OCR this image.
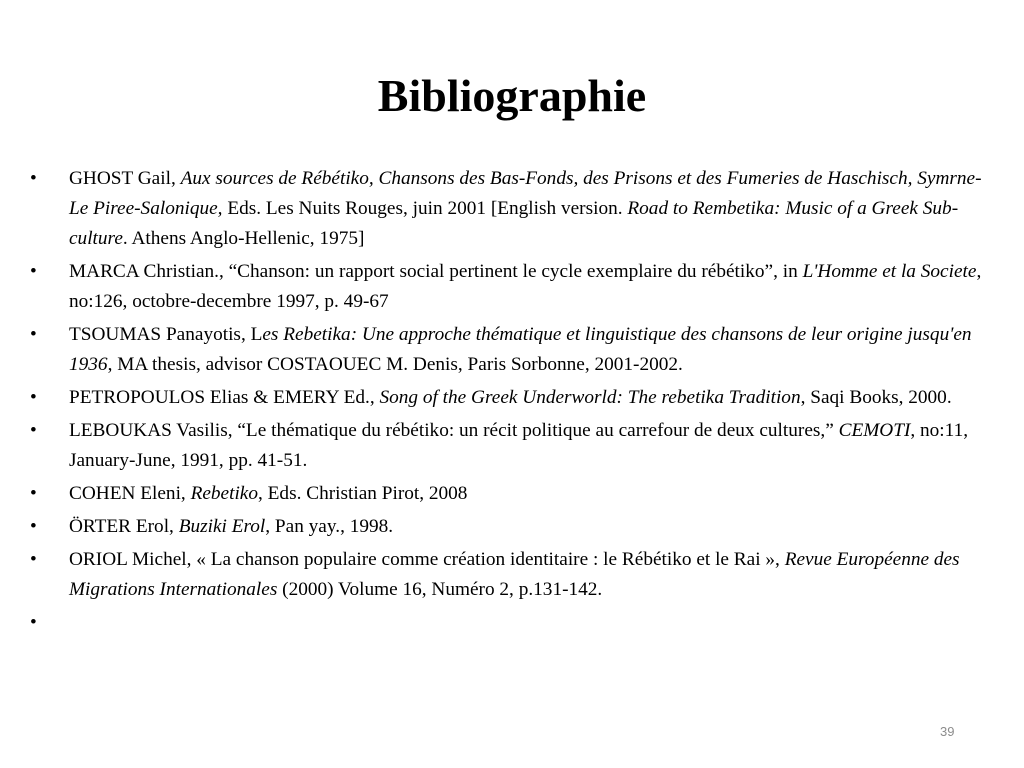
Bibliographie
•	GHOST Gail, Aux sources de Rébétiko, Chansons des Bas-Fonds, des Prisons et des Fumeries de Haschisch, Symrne-Le Piree-Salonique, Eds. Les Nuits Rouges, juin 2001 [English version. Road to Rembetika: Music of a Greek Sub-culture. Athens Anglo-Hellenic, 1975]
•	MARCA Christian., “Chanson: un rapport social pertinent le cycle exemplaire du rébétiko”, in L'Homme et la Societe, no:126, octobre-decembre 1997, p. 49-67
•	TSOUMAS Panayotis, Les Rebetika: Une approche thématique et linguistique des chansons de leur origine jusqu'en 1936, MA thesis, advisor COSTAOUEC M. Denis, Paris Sorbonne, 2001-2002.
•	PETROPOULOS Elias & EMERY Ed., Song of the Greek Underworld: The rebetika Tradition, Saqi Books, 2000.
•	LEBOUKAS Vasilis, “Le thématique du rébétiko: un récit politique au carrefour de deux cultures,” CEMOTI, no:11, January-June, 1991, pp. 41-51.
•	COHEN Eleni, Rebetiko, Eds. Christian Pirot, 2008
•	ÖRTER Erol, Buziki Erol, Pan yay., 1998.
•	ORIOL Michel, « La chanson populaire comme création identitaire : le Rébétiko et le Rai », Revue Européenne des Migrations Internationales (2000) Volume 16, Numéro 2, p.131-142.
•
39
